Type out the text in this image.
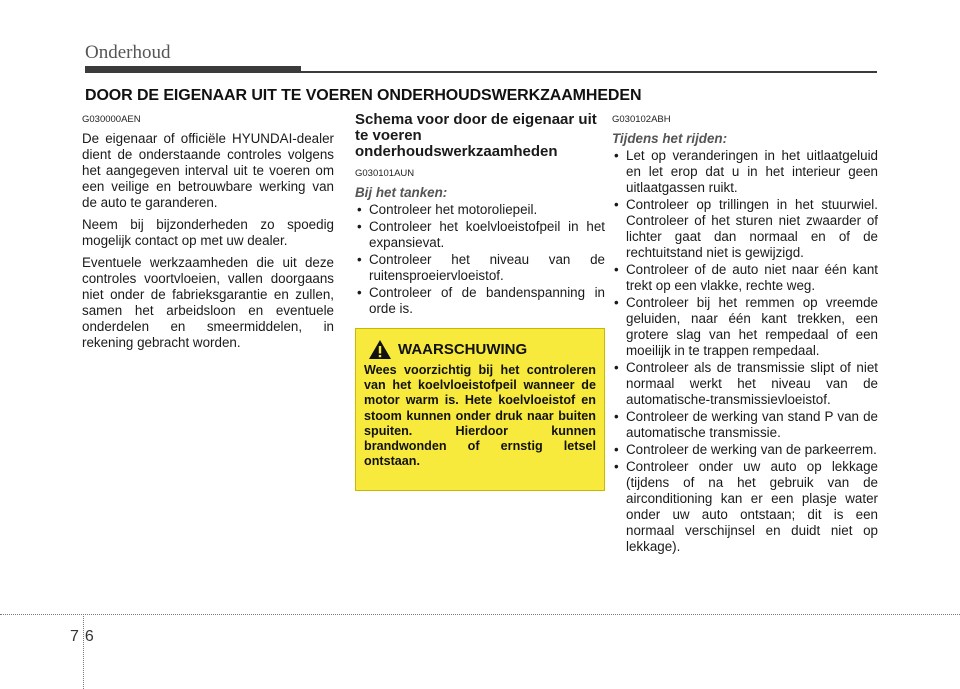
Onderhoud
DOOR DE EIGENAAR UIT TE VOEREN ONDERHOUDSWERKZAAMHEDEN
G030000AEN

De eigenaar of officiële HYUNDAI-dealer dient de onderstaande controles volgens het aangegeven interval uit te voeren om een veilige en betrouwbare werking van de auto te garanderen.

Neem bij bijzonderheden zo spoedig mogelijk contact op met uw dealer.

Eventuele werkzaamheden die uit deze controles voortvloeien, vallen doorgaans niet onder de fabrieksgarantie en zullen, samen het arbeidsloon en eventuele onderdelen en smeermiddelen, in rekening gebracht worden.

Schema voor door de eigenaar uit te voeren onderhoudswerkzaamheden
G030101AUN
Bij het tanken:
• Controleer het motoroliepeil.
• Controleer het koelvloeistofpeil in het expansievat.
• Controleer het niveau van de ruitensproeiervloeistof.
• Controleer of de bandenspanning in orde is.
WAARSCHUWING
Wees voorzichtig bij het controleren van het koelvloeistofpeil wanneer de motor warm is. Hete koelvloeistof en stoom kunnen onder druk naar buiten spuiten. Hierdoor kunnen brandwonden of ernstig letsel ontstaan.
G030102ABH
Tijdens het rijden:
• Let op veranderingen in het uitlaatgeluid en let erop dat u in het interieur geen uitlaatgassen ruikt.
• Controleer op trillingen in het stuurwiel. Controleer of het sturen niet zwaarder of lichter gaat dan normaal en of de rechtuitstand niet is gewijzigd.
• Controleer of de auto niet naar één kant trekt op een vlakke, rechte weg.
• Controleer bij het remmen op vreemde geluiden, naar één kant trekken, een grotere slag van het rempedaal of een moeilijk in te trappen rempedaal.
• Controleer als de transmissie slipt of niet normaal werkt het niveau van de automatische-transmissievloeistof.
• Controleer de werking van stand P van de automatische transmissie.
• Controleer de werking van de parkeerrem.
• Controleer onder uw auto op lekkage (tijdens of na het gebruik van de airconditioning kan er een plasje water onder uw auto ontstaan; dit is een normaal verschijnsel en duidt niet op lekkage).
7 6
